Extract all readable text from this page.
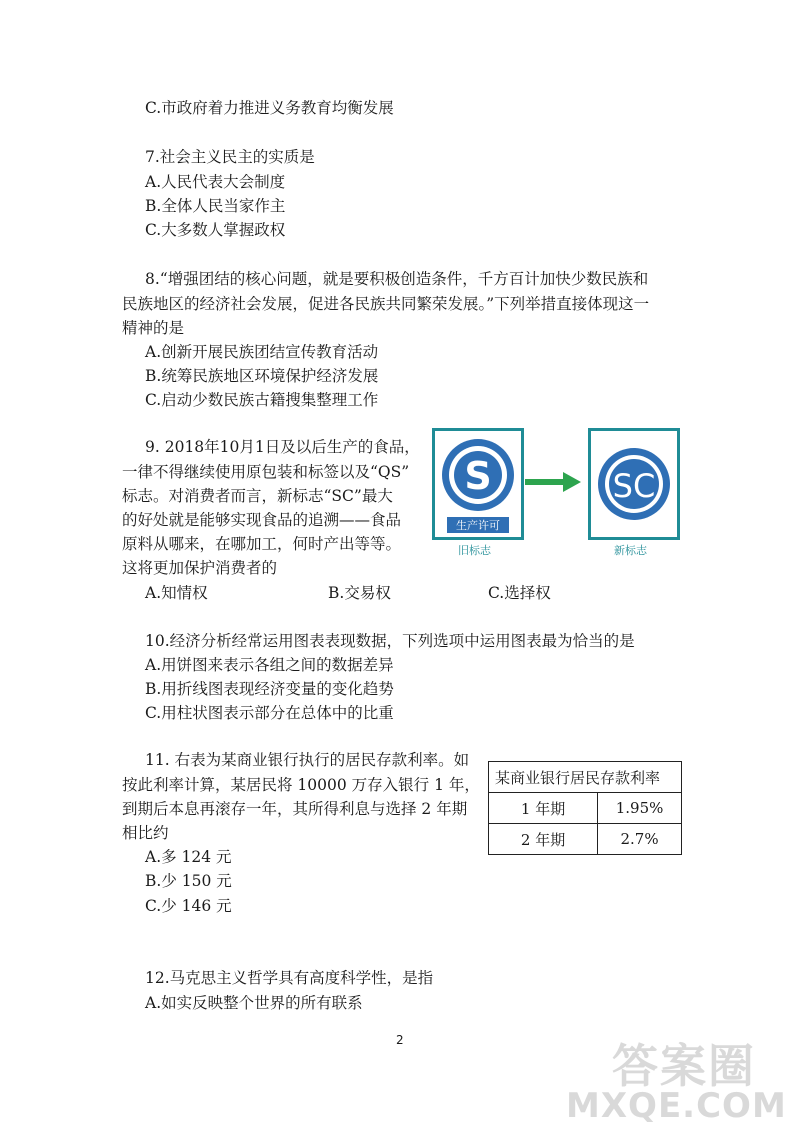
C.市政府着力推进义务教育均衡发展
7.社会主义民主的实质是
A.人民代表大会制度
B.全体人民当家作主
C.大多数人掌握政权
8.“增强团结的核心问题，就是要积极创造条件，千方百计加快少数民族和
民族地区的经济社会发展，促进各民族共同繁荣发展。”下列举措直接体现这一
精神的是
A.创新开展民族团结宣传教育活动
B.统筹民族地区环境保护经济发展
C.启动少数民族古籍搜集整理工作
9. 2018年10月1日及以后生产的食品，
一律不得继续使用原包装和标签以及“QS”
标志。对消费者而言，新标志“SC”最大
的好处就是能够实现食品的追溯——食品
原料从哪来，在哪加工，何时产出等等。
这将更加保护消费者的
A.知情权	B.交易权	C.选择权
S
生产许可
旧标志
SC
新标志
10.经济分析经常运用图表表现数据，下列选项中运用图表最为恰当的是
A.用饼图来表示各组之间的数据差异
B.用折线图表现经济变量的变化趋势
C.用柱状图表示部分在总体中的比重
11. 右表为某商业银行执行的居民存款利率。如
按此利率计算，某居民将 10000 万存入银行 1 年，
到期后本息再滚存一年，其所得利息与选择 2 年期
相比约
A.多 124 元
B.少 150 元
C.少 146 元
某商业银行居民存款利率	
1 年期	1.95%
2 年期	2.7%
12.马克思主义哲学具有高度科学性，是指
A.如实反映整个世界的所有联系
2	答案圈
MXQE.COM
